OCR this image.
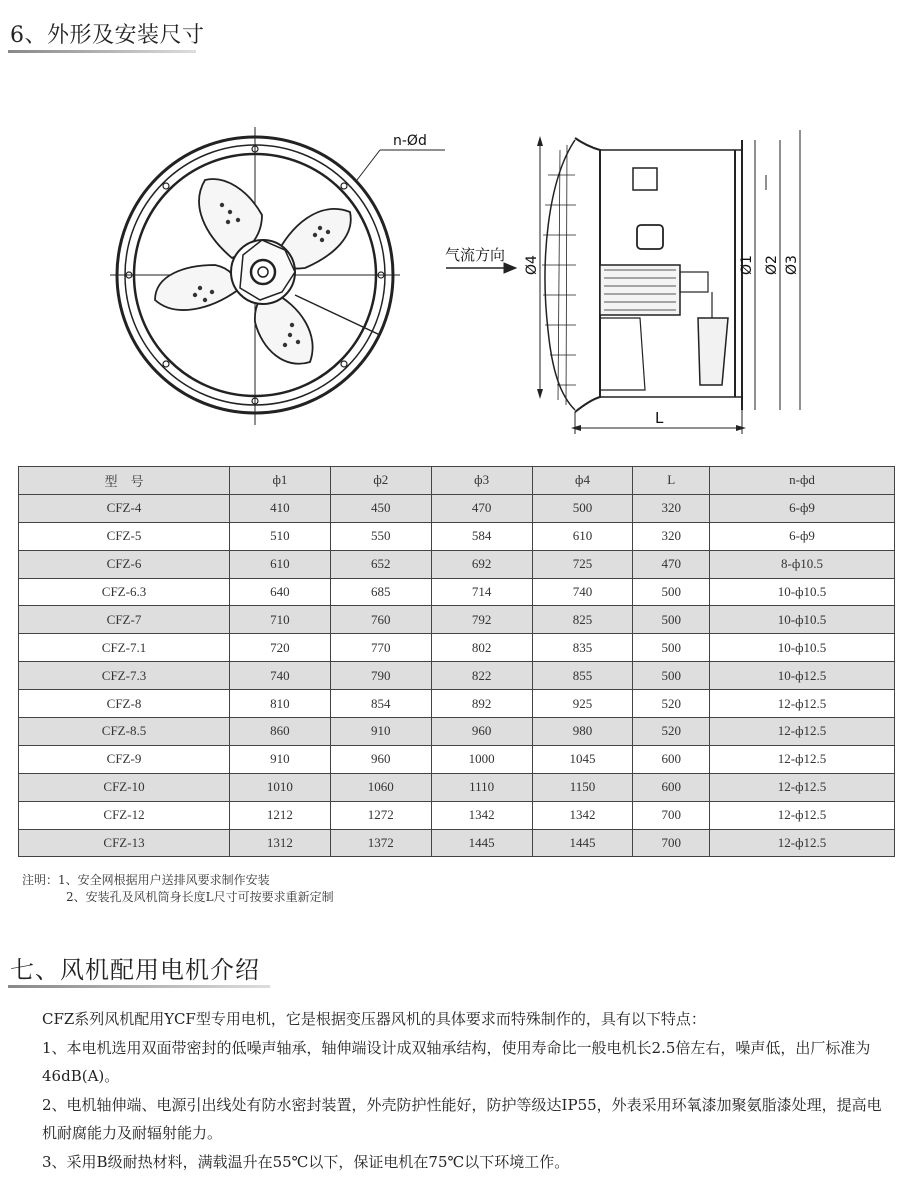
6、外形及安装尺寸
n-Ød
气流方向
Ø4	Ø1 Ø2 Ø3
L
型　号	ф1	ф2	ф3	ф4	L	n-фd
CFZ-4	410	450	470	500	320	6-ф9
CFZ-5	510	550	584	610	320	6-ф9
CFZ-6	610	652	692	725	470	8-ф10.5
CFZ-6.3	640	685	714	740	500	10-ф10.5
CFZ-7	710	760	792	825	500	10-ф10.5
CFZ-7.1	720	770	802	835	500	10-ф10.5
CFZ-7.3	740	790	822	855	500	10-ф12.5
CFZ-8	810	854	892	925	520	12-ф12.5
CFZ-8.5	860	910	960	980	520	12-ф12.5
CFZ-9	910	960	1000	1045	600	12-ф12.5
CFZ-10	1010	1060	1110	1150	600	12-ф12.5
CFZ-12	1212	1272	1342	1342	700	12-ф12.5
CFZ-13	1312	1372	1445	1445	700	12-ф12.5
注明：1、安全网根据用户送排风要求制作安装
2、安装孔及风机筒身长度L尺寸可按要求重新定制
七、风机配用电机介绍

CFZ系列风机配用YCF型专用电机，它是根据变压器风机的具体要求而特殊制作的，具有以下特点：

1、本电机选用双面带密封的低噪声轴承，轴伸端设计成双轴承结构，使用寿命比一般电机长2.5倍左右，噪声低，出厂标准为46dB(A)。

2、电机轴伸端、电源引出线处有防水密封装置，外壳防护性能好，防护等级达IP55，外表采用环氧漆加聚氨脂漆处理，提高电机耐腐能力及耐辐射能力。

3、采用B级耐热材料，满载温升在55℃以下，保证电机在75℃以下环境工作。
